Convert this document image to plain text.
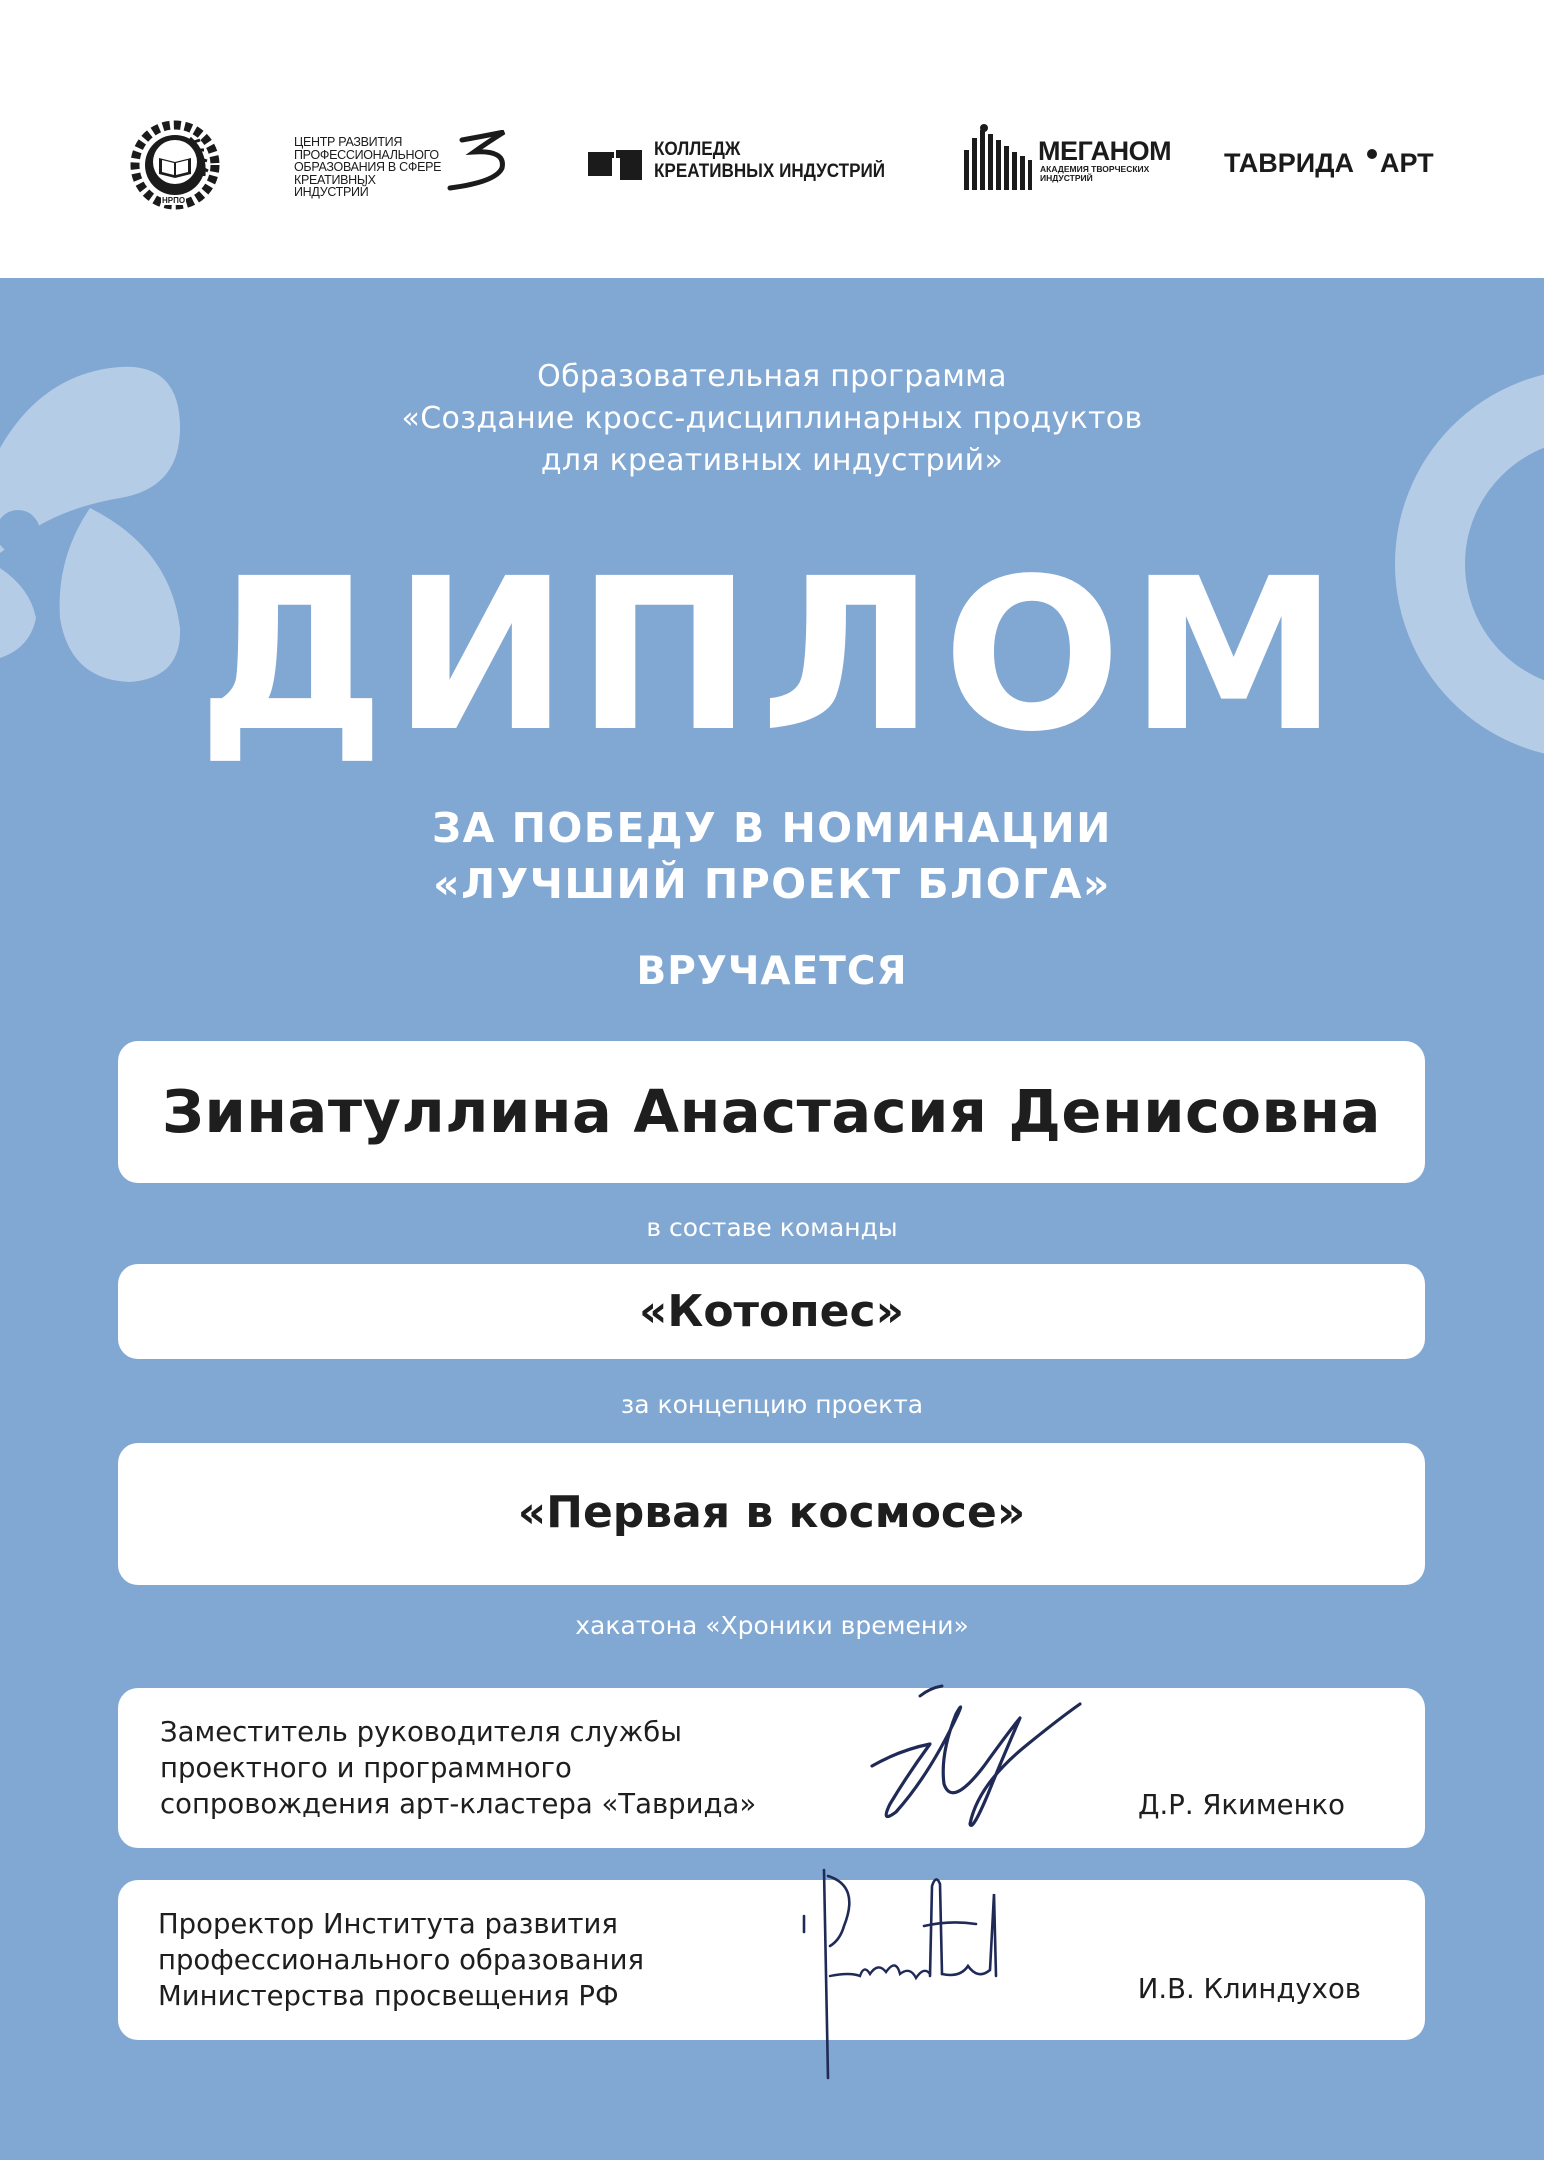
НРПО
ЦЕНТР РАЗВИТИЯ ПРОФЕССИОНАЛЬНОГО ОБРАЗОВАНИЯ В СФЕРЕ КРЕАТИВНЫХ ИНДУСТРИЙ
КОЛЛЕДЖ
КРЕАТИВНЫХ ИНДУСТРИЙ
МЕГАНОМ
АКАДЕМИЯ ТВОРЧЕСКИХ ИНДУСТРИЙ	ТАВРИДА АРТ
Образовательная программа
«Создание кросс-дисциплинарных продуктов
для креативных индустрий»
ДИПЛОМ
ЗА ПОБЕДУ В НОМИНАЦИИ
«ЛУЧШИЙ ПРОЕКТ БЛОГА»
ВРУЧАЕТСЯ
Зинатуллина Анастасия Денисовна
в составе команды
«Котопес»
за концепцию проекта
«Первая в космосе»
хакатона «Хроники времени»
Заместитель руководителя службы
проектного и программного
сопровождения арт-кластера «Таврида»	Д.Р. Якименко
Проректор Института развития
профессионального образования
Министерства просвещения РФ	И.В. Клиндухов
